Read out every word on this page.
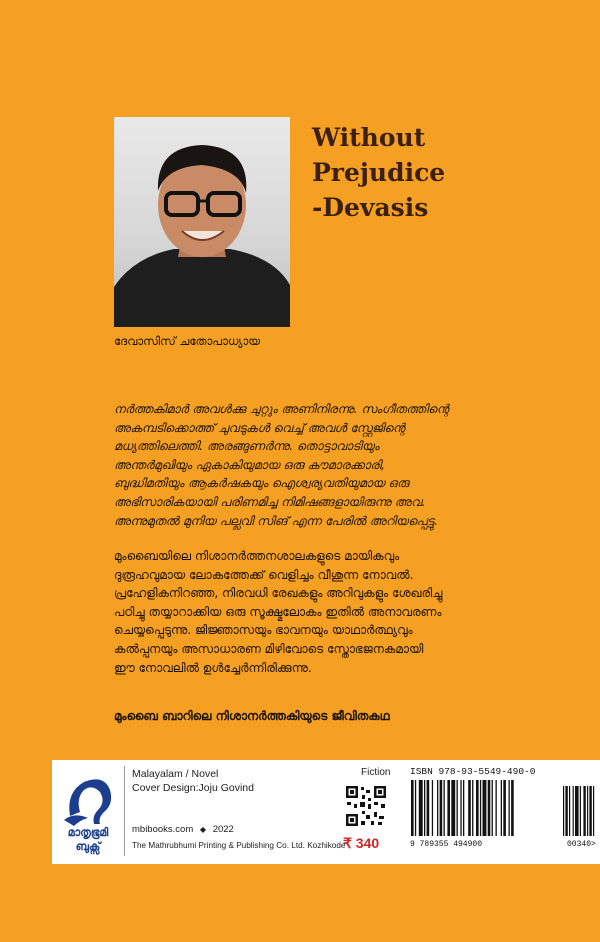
ദേവാസിസ് ചതോപാധ്യായ
Without
Prejudice
-Devasis
നർത്തകിമാർ അവൾക്കു ചുറ്റും അണിനിരന്നു. സംഗീതത്തിന്റെ
അകമ്പടിക്കൊത്ത് ചുവടുകൾ വെച്ച് അവൾ സ്റ്റേജിന്റെ
മധ്യത്തിലെത്തി. അരങ്ങുണർന്നു. തൊട്ടാവാടിയും
അന്തർമുഖിയും ഏകാകിയുമായ ഒരു കൗമാരക്കാരി,
ബുദ്ധിമതിയും ആകർഷകയും ഐശ്വര്യവതിയുമായ ഒരു
അഭിസാരികയായി പരിണമിച്ച നിമിഷങ്ങളായിരുന്നു അവ.
അന്നുമുതൽ മുനിയ പല്ലവി സിങ് എന്ന പേരിൽ അറിയപ്പെട്ടു.
മുംബൈയിലെ നിശാനർത്തനശാലകളുടെ മായികവും
ദുരൂഹവുമായ ലോകത്തേക്ക് വെളിച്ചം വീശുന്ന നോവൽ.
പ്രഹേളികനിറഞ്ഞ, നിരവധി രേഖകളും അറിവുകളും ശേഖരിച്ചു
പഠിച്ചു തയ്യാറാക്കിയ ഒരു സൂക്ഷ്മലോകം ഇതിൽ അനാവരണം
ചെയ്യപ്പെടുന്നു. ജിജ്ഞാസയും ഭാവനയും യാഥാർത്ഥ്യവും
കൽപ്പനയും അസാധാരണ മിഴിവോടെ സ്തോഭജനകമായി
ഈ നോവലിൽ ഉൾച്ചേർന്നിരിക്കുന്നു.
മുംബൈ ബാറിലെ നിശാനർത്തകിയുടെ ജീവിതകഥ
മാതൃഭൂമി
ബുക്സ്
Malayalam / Novel
Cover Design:Joju Govind
mbibooks.com ◆ 2022
The Mathrubhumi Printing & Publishing Co. Ltd. Kozhikode
Fiction
₹ 340
ISBN 978-93-5549-490-0
9 789355 494900	00340>
